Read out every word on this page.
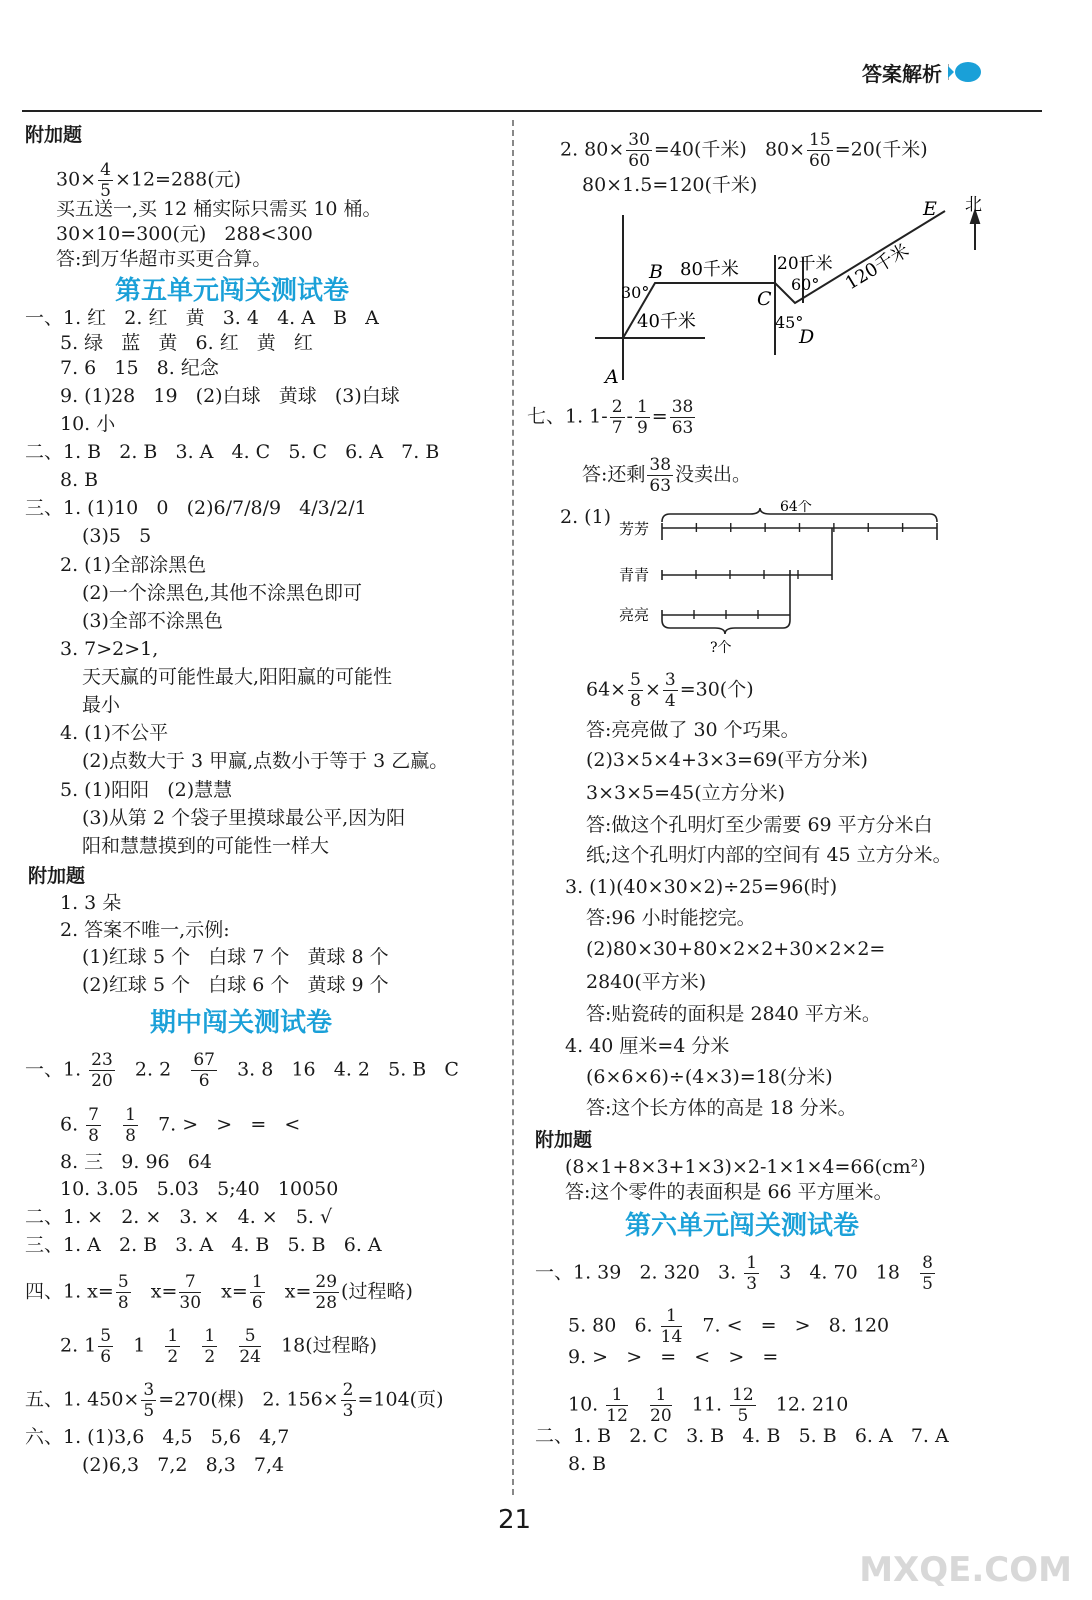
答案解析
附加题
$30\times \frac{4}{5} \times 12=288$(元)
买五送一,买 12 桶实际只需买 10 桶。
30×10=300(元)   288<300
答:到万华超市买更合算。
第五单元闯关测试卷
一、1. 红   2. 红   黄   3. 4   4. A   B   A
5. 绿   蓝   黄   6. 红   黄   红
7. 6   15   8. 纪念
9. (1)28   19   (2)白球   黄球   (3)白球
10. 小
二、1. B   2. B   3. A   4. C   5. C   6. A   7. B
8. B
三、1. (1)10   0   (2)6/7/8/9   4/3/2/1
(3)5   5
2. (1)全部涂黑色
(2)一个涂黑色,其他不涂黑色即可
(3)全部不涂黑色
3. 7>2>1,
天天赢的可能性最大,阳阳赢的可能性
最小
4. (1)不公平
(2)点数大于 3 甲赢,点数小于等于 3 乙赢。
5. (1)阳阳   (2)慧慧
(3)从第 2 个袋子里摸球最公平,因为阳
阳和慧慧摸到的可能性一样大
附加题
1. 3 朵
2. 答案不唯一,示例:
(1)红球 5 个   白球 7 个   黄球 8 个
(2)红球 5 个   白球 6 个   黄球 9 个
期中闯关测试卷
一、1. $\frac{23}{20} 2$. $2 \frac{67}{6} 3$. 8   16   4. 2   5. B   C
6. $\frac{7}{8}$
$\frac{1}{8} 7$. >   >   =   <
8. 三   9. 96   64
10. 3.05   5.03   5;40   10050
二、1. ×   2. ×   3. ×   4. ×   5. √
三、1. A   2. B   3. A   4. B   5. B   6. A
四、1. $x= \frac{5}{8} x= \frac{7}{30} x= \frac{1}{6} x= \frac{29}{28}$ (过程略)
2. $1 \frac{5}{6} 1 \frac{1}{2}$
$\frac{1}{2}$
$\frac{5}{24} 18$(过程略)
五、1. $450\times \frac{3}{5} =270$(棵)   2. $156\times \frac{2}{3} =104$(页)
六、1. (1)3,6   4,5   5,6   4,7
(2)6,3   7,2   8,3   7,4
2. $80\times \frac{30}{60} =40$(千米)   $80\times \frac{15}{60} =20$(千米)
80×1.5=120(千米)
七、1. $1- \frac{2}{7} - \frac{1}{9} = \frac{38}{63}$
答:还剩 $\frac{38}{63}$ 没卖出。
2. (1)
$64\times \frac{5}{8} \times \frac{3}{4} =30$(个)
答:亮亮做了 30 个巧果。
(2)3×5×4+3×3=69(平方分米)
3×3×5=45(立方分米)
答:做这个孔明灯至少需要 69 平方分米白
纸;这个孔明灯内部的空间有 45 立方分米。
3. (1)(40×30×2)÷25=96(时)
答:96 小时能挖完。
(2)80×30+80×2×2+30×2×2=
2840(平方米)
答:贴瓷砖的面积是 2840 平方米。
4. 40 厘米=4 分米
(6×6×6)÷(4×3)=18(分米)
答:这个长方体的高是 18 分米。
附加题
(8×1+8×3+1×3)×2-1×1×4=66(cm²)
答:这个零件的表面积是 66 平方厘米。
第六单元闯关测试卷
一、1. 39   2. 320   3. $\frac{1}{3} 3$   4. 70   $18 \frac{8}{5}$
5. 80   6. $\frac{1}{14} 7$. <   =   >   8. 120
9. >   >   =   <   >   =
10. $\frac{1}{12}$
$\frac{1}{20} 11$. $\frac{12}{5} 12$. 210
二、1. B   2. C   3. B   4. B   5. B   6. A   7. A
8. B
E 北
B
C
D
A
80千米 20千米 120千米
40千米
30°	60°
45°
64个
芳芳
青青
亮亮
?个
21
MXQE.COM
